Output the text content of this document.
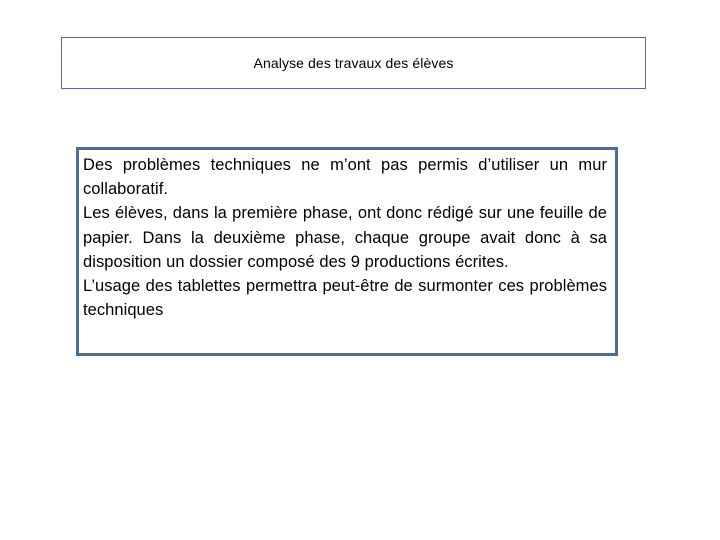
Analyse des travaux des élèves

Des problèmes techniques ne m’ont pas permis d’utiliser un mur collaboratif.

Les élèves, dans la première phase, ont donc rédigé sur une feuille de papier. Dans la deuxième phase, chaque groupe avait donc à sa disposition un dossier composé des 9 productions écrites.

L’usage des tablettes permettra peut-être de surmonter ces problèmes techniques
